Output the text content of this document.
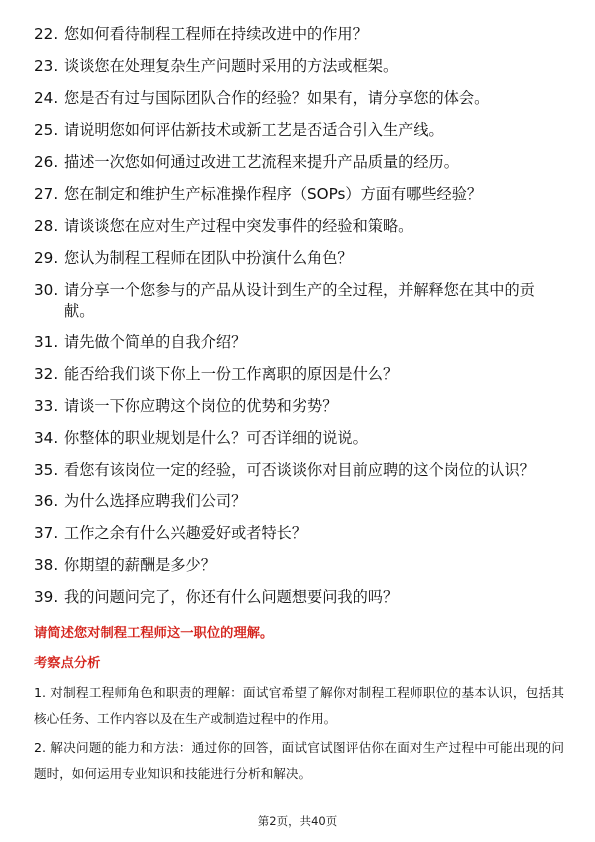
22. 您如何看待制程工程师在持续改进中的作用？
23. 谈谈您在处理复杂生产问题时采用的方法或框架。
24. 您是否有过与国际团队合作的经验？如果有，请分享您的体会。
25. 请说明您如何评估新技术或新工艺是否适合引入生产线。
26. 描述一次您如何通过改进工艺流程来提升产品质量的经历。
27. 您在制定和维护生产标准操作程序（SOPs）方面有哪些经验？
28. 请谈谈您在应对生产过程中突发事件的经验和策略。
29. 您认为制程工程师在团队中扮演什么角色？
30. 请分享一个您参与的产品从设计到生产的全过程，并解释您在其中的贡献。
31. 请先做个简单的自我介绍？
32. 能否给我们谈下你上一份工作离职的原因是什么？
33. 请谈一下你应聘这个岗位的优势和劣势？
34. 你整体的职业规划是什么？可否详细的说说。
35. 看您有该岗位一定的经验，可否谈谈你对目前应聘的这个岗位的认识？
36. 为什么选择应聘我们公司？
37. 工作之余有什么兴趣爱好或者特长？
38. 你期望的薪酬是多少？
39. 我的问题问完了，你还有什么问题想要问我的吗？
请简述您对制程工程师这一职位的理解。
考察点分析
1. 对制程工程师角色和职责的理解：面试官希望了解你对制程工程师职位的基本认识，包括其核心任务、工作内容以及在生产或制造过程中的作用。
2. 解决问题的能力和方法：通过你的回答，面试官试图评估你在面对生产过程中可能出现的问题时，如何运用专业知识和技能进行分析和解决。
第2页，共40页
